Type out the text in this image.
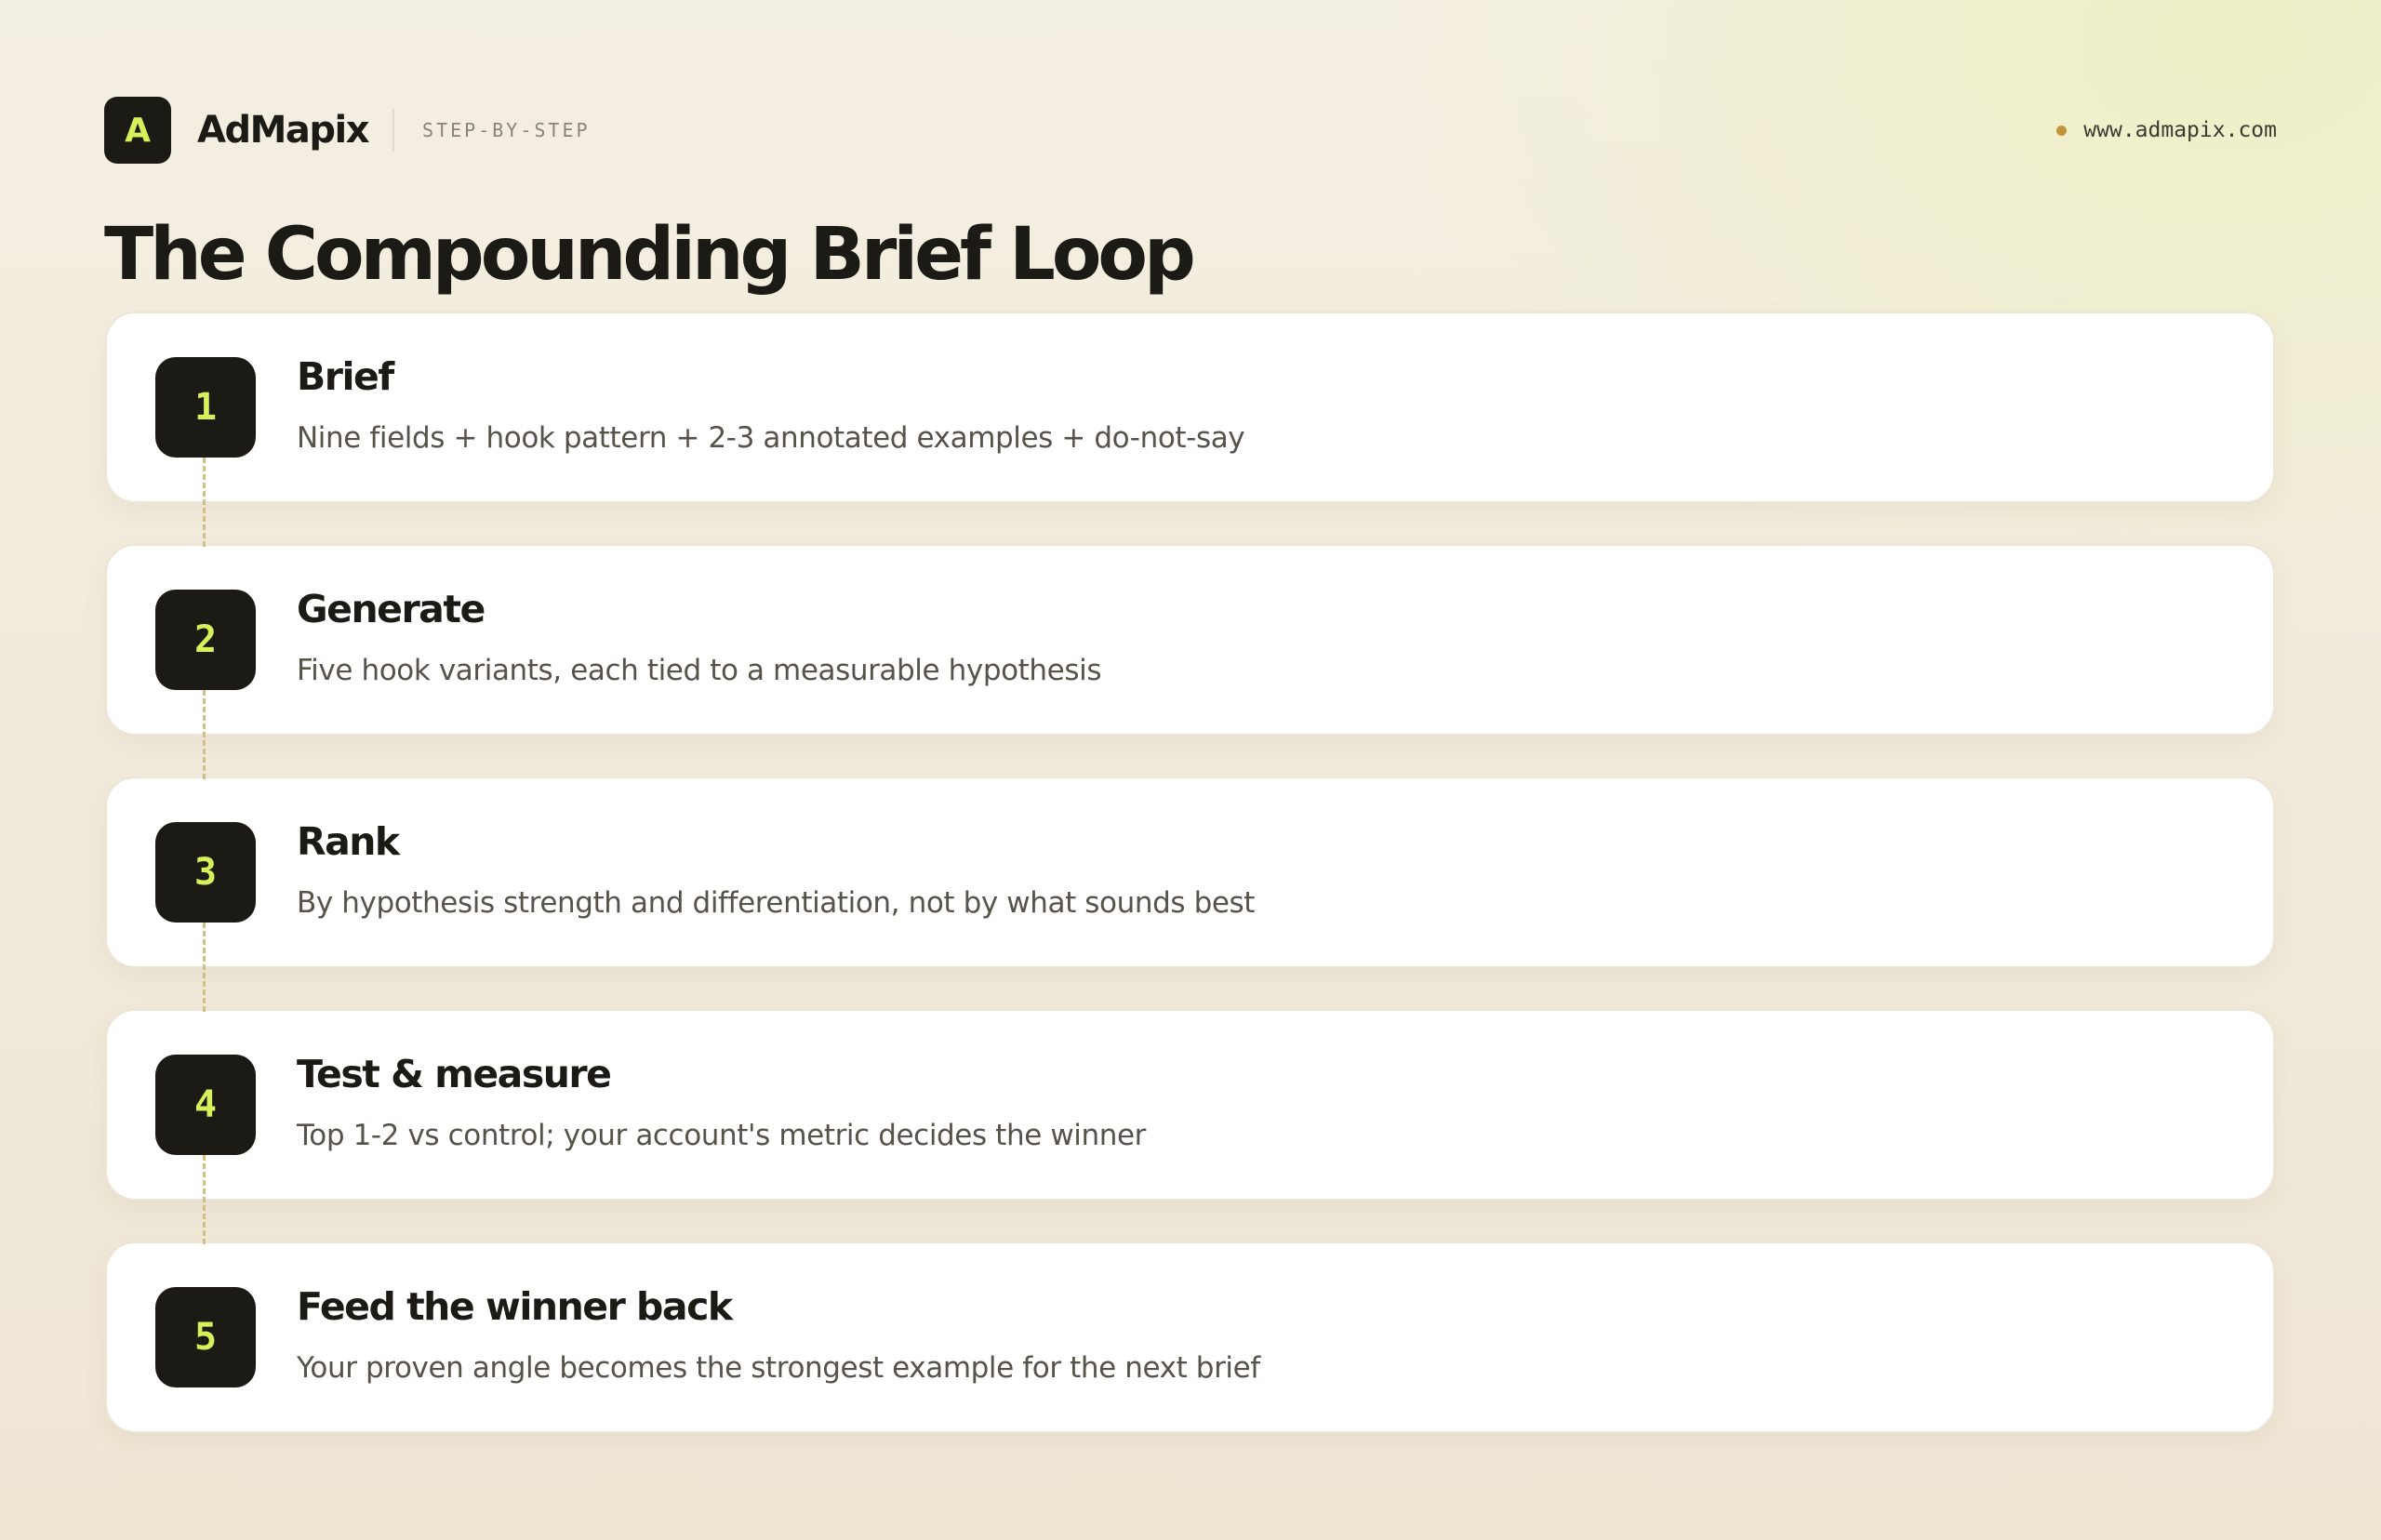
A	AdMapix	STEP-BY-STEP	www.admapix.com
The Compounding Brief Loop
1
Brief
Nine fields + hook pattern + 2-3 annotated examples + do-not-say
2
Generate
Five hook variants, each tied to a measurable hypothesis
3
Rank
By hypothesis strength and differentiation, not by what sounds best
4
Test & measure
Top 1-2 vs control; your account's metric decides the winner
5
Feed the winner back
Your proven angle becomes the strongest example for the next brief
